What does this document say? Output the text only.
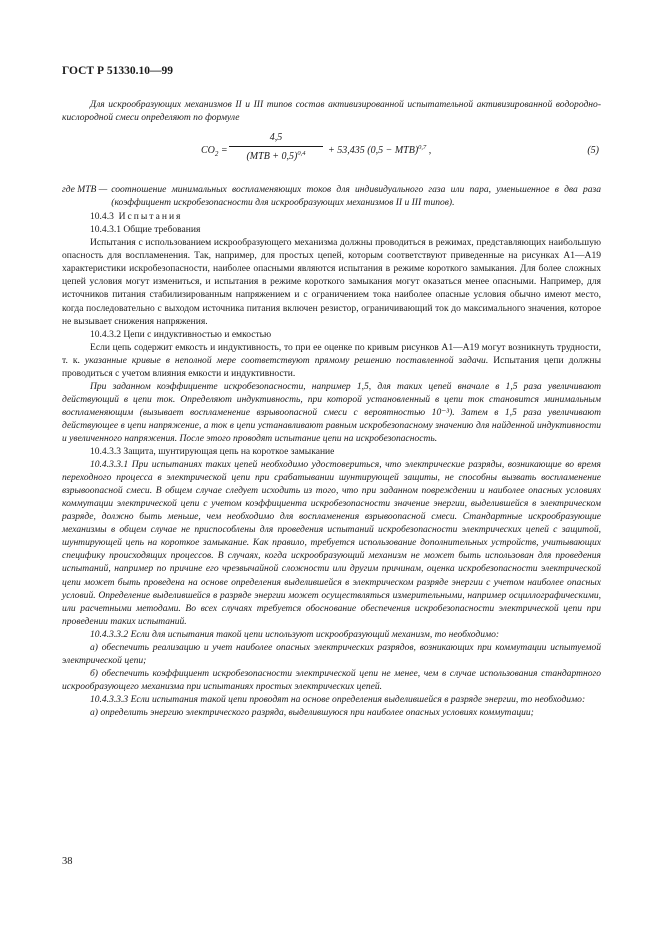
ГОСТ Р 51330.10—99

Для искрообразующих механизмов II и III типов состав активизированной испытательной активизированной водородно-кислородной смеси определяют по формуле

$CO_2$ =
4,5
(MTB + 0,5)$^{0,4}$	+ 53,435 (0,5 − MTB)$^{0,7}$ ,	(5)
где MTB — соотношение минимальных воспламеняющих токов для индивидуального газа или пара, уменьшенное в два раза (коэффициент искробезопасности для искрообразующих механизмов II и III типов).

10.4.3 Испытания

10.4.3.1 Общие требования

Испытания с использованием искрообразующего механизма должны проводиться в режимах, представляющих наибольшую опасность для воспламенения. Так, например, для простых цепей, которым соответствуют приведенные на рисунках А1—А19 характеристики искробезопасности, наиболее опасными являются испытания в режиме короткого замыкания. Для более сложных цепей условия могут измениться, и испытания в режиме короткого замыкания могут оказаться менее опасными. Например, для источников питания стабилизированным напряжением и с ограничением тока наиболее опасные условия обычно имеют место, когда последовательно с выходом источника питания включен резистор, ограничивающий ток до максимального значения, которое не вызывает снижения напряжения.

10.4.3.2 Цепи с индуктивностью и емкостью

Если цепь содержит емкость и индуктивность, то при ее оценке по кривым рисунков А1—А19 могут возникнуть трудности, т. к. указанные кривые в неполной мере соответствуют прямому решению поставленной задачи. Испытания цепи должны проводиться с учетом влияния емкости и индуктивности.

При заданном коэффициенте искробезопасности, например 1,5, для таких цепей вначале в 1,5 раза увеличивают действующий в цепи ток. Определяют индуктивность, при которой установленный в цепи ток становится минимальным воспламеняющим (вызывает воспламенение взрывоопасной смеси с вероятностью 10⁻³). Затем в 1,5 раза увеличивают действующее в цепи напряжение, а ток в цепи устанавливают равным искробезопасному значению для найденной индуктивности и увеличенного напряжения. После этого проводят испытание цепи на искробезопасность.

10.4.3.3 Защита, шунтирующая цепь на короткое замыкание

10.4.3.3.1 При испытаниях таких цепей необходимо удостовериться, что электрические разряды, возникающие во время переходного процесса в электрической цепи при срабатывании шунтирующей защиты, не способны вызвать воспламенение взрывоопасной смеси. В общем случае следует исходить из того, что при заданном повреждении и наиболее опасных условиях коммутации электрической цепи с учетом коэффициента искробезопасности значение энергии, выделившейся в электрическом разряде, должно быть меньше, чем необходимо для воспламенения взрывоопасной смеси. Стандартные искрообразующие механизмы в общем случае не приспособлены для проведения испытаний искробезопасности электрических цепей с защитой, шунтирующей цепь на короткое замыкание. Как правило, требуется использование дополнительных устройств, учитывающих специфику происходящих процессов. В случаях, когда искрообразующий механизм не может быть использован для проведения испытаний, например по причине его чрезвычайной сложности или другим причинам, оценка искробезопасности электрической цепи может быть проведена на основе определения выделившейся в электрическом разряде энергии с учетом наиболее опасных условий. Определение выделившейся в разряде энергии может осуществляться измерительными, например осциллографическими, или расчетными методами. Во всех случаях требуется обоснование обеспечения искробезопасности электрической цепи при проведении таких испытаний.

10.4.3.3.2 Если для испытания такой цепи используют искрообразующий механизм, то необходимо:

а) обеспечить реализацию и учет наиболее опасных электрических разрядов, возникающих при коммутации испытуемой электрической цепи;

б) обеспечить коэффициент искробезопасности электрической цепи не менее, чем в случае использования стандартного искрообразующего механизма при испытаниях простых электрических цепей.

10.4.3.3.3 Если испытания такой цепи проводят на основе определения выделившейся в разряде энергии, то необходимо:

а) определить энергию электрического разряда, выделившуюся при наиболее опасных условиях коммутации;

38
